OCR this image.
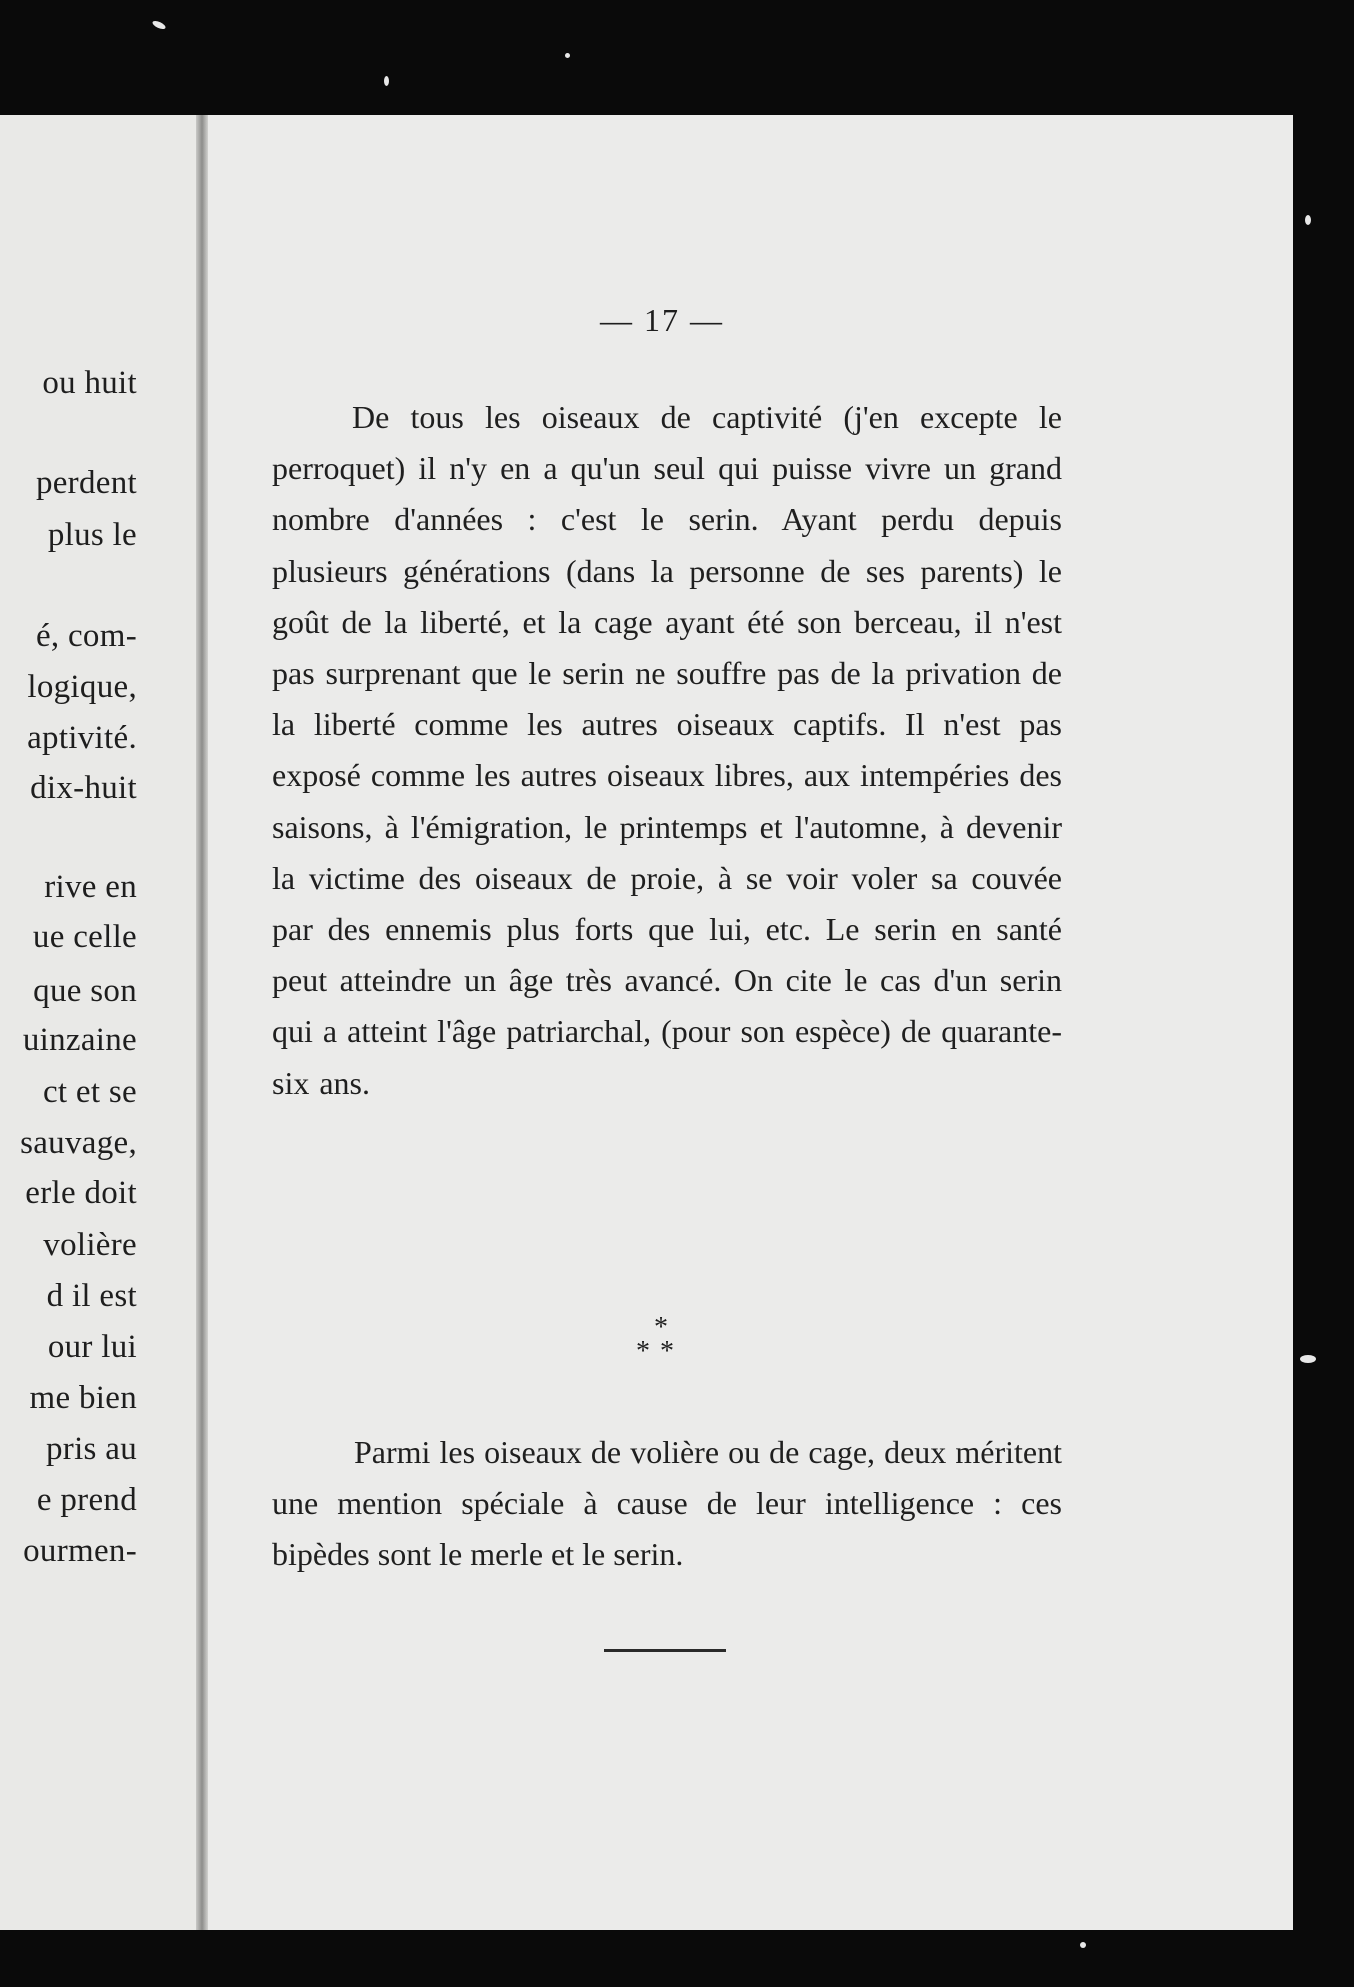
ou huit
perdent
plus le
é, com-
logique,
aptivité.
dix-huit
rive en
ue celle
que son
uinzaine
ct et se
sauvage,
erle doit
volière
d il est
our lui
me bien
pris au
e prend
ourmen-
— 17 —

De tous les oiseaux de captivité (j'en excepte le perroquet) il n'y en a qu'un seul qui puisse vivre un grand nombre d'années : c'est le serin. Ayant perdu depuis plusieurs générations (dans la personne de ses parents) le goût de la liberté, et la cage ayant été son berceau, il n'est pas surprenant que le serin ne souffre pas de la privation de la liberté comme les autres oiseaux captifs. Il n'est pas exposé comme les autres oiseaux libres, aux intempéries des saisons, à l'émigration, le printemps et l'automne, à devenir la victime des oiseaux de proie, à se voir voler sa couvée par des ennemis plus forts que lui, etc. Le serin en santé peut atteindre un âge très avancé. On cite le cas d'un serin qui a atteint l'âge patriarchal, (pour son espèce) de quarante-six ans.

*
**

Parmi les oiseaux de volière ou de cage, deux méritent une mention spéciale à cause de leur intelligence : ces bipèdes sont le merle et le serin.
